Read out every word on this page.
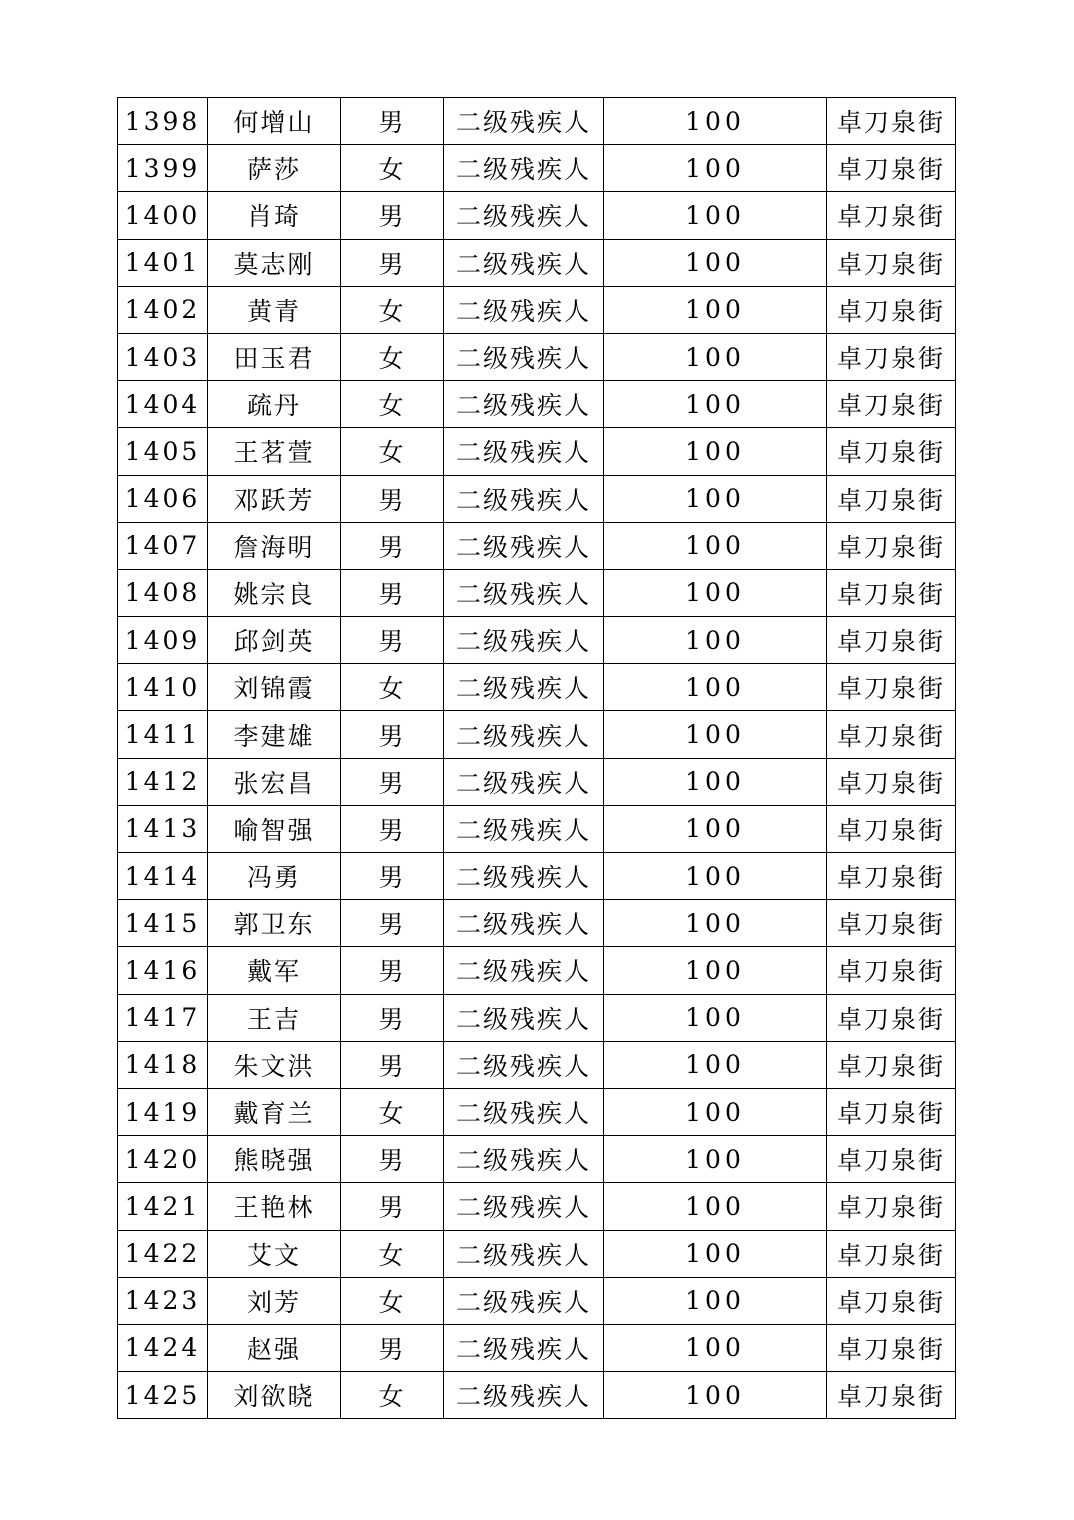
1398	何增山	男	二级残疾人	100	卓刀泉街
1399	萨莎	女	二级残疾人	100	卓刀泉街
1400	肖琦	男	二级残疾人	100	卓刀泉街
1401	莫志刚	男	二级残疾人	100	卓刀泉街
1402	黄青	女	二级残疾人	100	卓刀泉街
1403	田玉君	女	二级残疾人	100	卓刀泉街
1404	疏丹	女	二级残疾人	100	卓刀泉街
1405	王茗萱	女	二级残疾人	100	卓刀泉街
1406	邓跃芳	男	二级残疾人	100	卓刀泉街
1407	詹海明	男	二级残疾人	100	卓刀泉街
1408	姚宗良	男	二级残疾人	100	卓刀泉街
1409	邱剑英	男	二级残疾人	100	卓刀泉街
1410	刘锦霞	女	二级残疾人	100	卓刀泉街
1411	李建雄	男	二级残疾人	100	卓刀泉街
1412	张宏昌	男	二级残疾人	100	卓刀泉街
1413	喻智强	男	二级残疾人	100	卓刀泉街
1414	冯勇	男	二级残疾人	100	卓刀泉街
1415	郭卫东	男	二级残疾人	100	卓刀泉街
1416	戴军	男	二级残疾人	100	卓刀泉街
1417	王吉	男	二级残疾人	100	卓刀泉街
1418	朱文洪	男	二级残疾人	100	卓刀泉街
1419	戴育兰	女	二级残疾人	100	卓刀泉街
1420	熊晓强	男	二级残疾人	100	卓刀泉街
1421	王艳林	男	二级残疾人	100	卓刀泉街
1422	艾文	女	二级残疾人	100	卓刀泉街
1423	刘芳	女	二级残疾人	100	卓刀泉街
1424	赵强	男	二级残疾人	100	卓刀泉街
1425	刘欲晓	女	二级残疾人	100	卓刀泉街
